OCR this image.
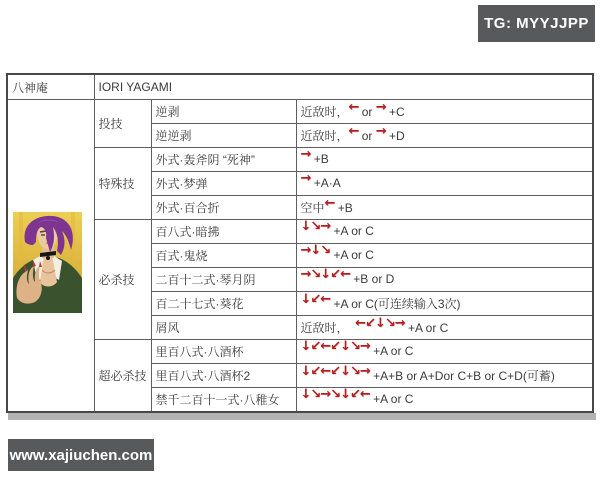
TG: MYYJJPP
八神庵	IORI YAGAMI		

	投技	逆剥	近敌时，← or → +C
		逆逆剥	近敌时，← or → +D
	特殊技	外式·轰斧阴 “死神”	→ +B
		外式·梦弹	→ +A·A
		外式·百合折	空中← +B
	必杀技	百八式·暗拂	↓↘→ +A or C
		百式·鬼烧	→↓↘ +A or C
		二百十二式·琴月阴	→↘↓↙← +B or D
		百二十七式·葵花	↓↙← +A or C(可连续输入3次)
		屑风	近敌时，  ←↙↓↘→ +A or C
	超必杀技	里百八式·八酒杯	↓↙←↙↓↘→ +A or C
		里百八式·八酒杯2	↓↙←↙↓↘→ +A+B or A+Dor C+B or C+D(可蓄)
		禁千二百十一式·八稚女	↓↘→↘↓↙← +A or C
www.xajiuchen.com
